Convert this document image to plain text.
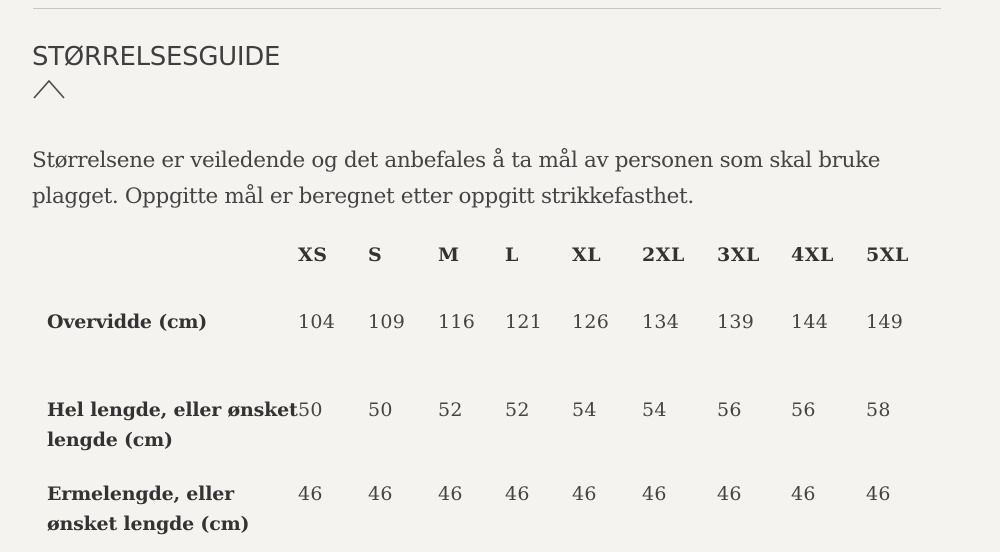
STØRRELSESGUIDE

Størrelsene er veiledende og det anbefales å ta mål av personen som skal bruke plagget. Oppgitte mål er beregnet etter oppgitt strikkefasthet.

	XS	S	M	L	XL	2XL	3XL	4XL	5XL
Overvidde (cm)	104	109	116	121	126	134	139	144	149
Hel lengde, eller ønsket lengde (cm)	50	50	52	52	54	54	56	56	58
Ermelengde, eller ønsket lengde (cm)	46	46	46	46	46	46	46	46	46
